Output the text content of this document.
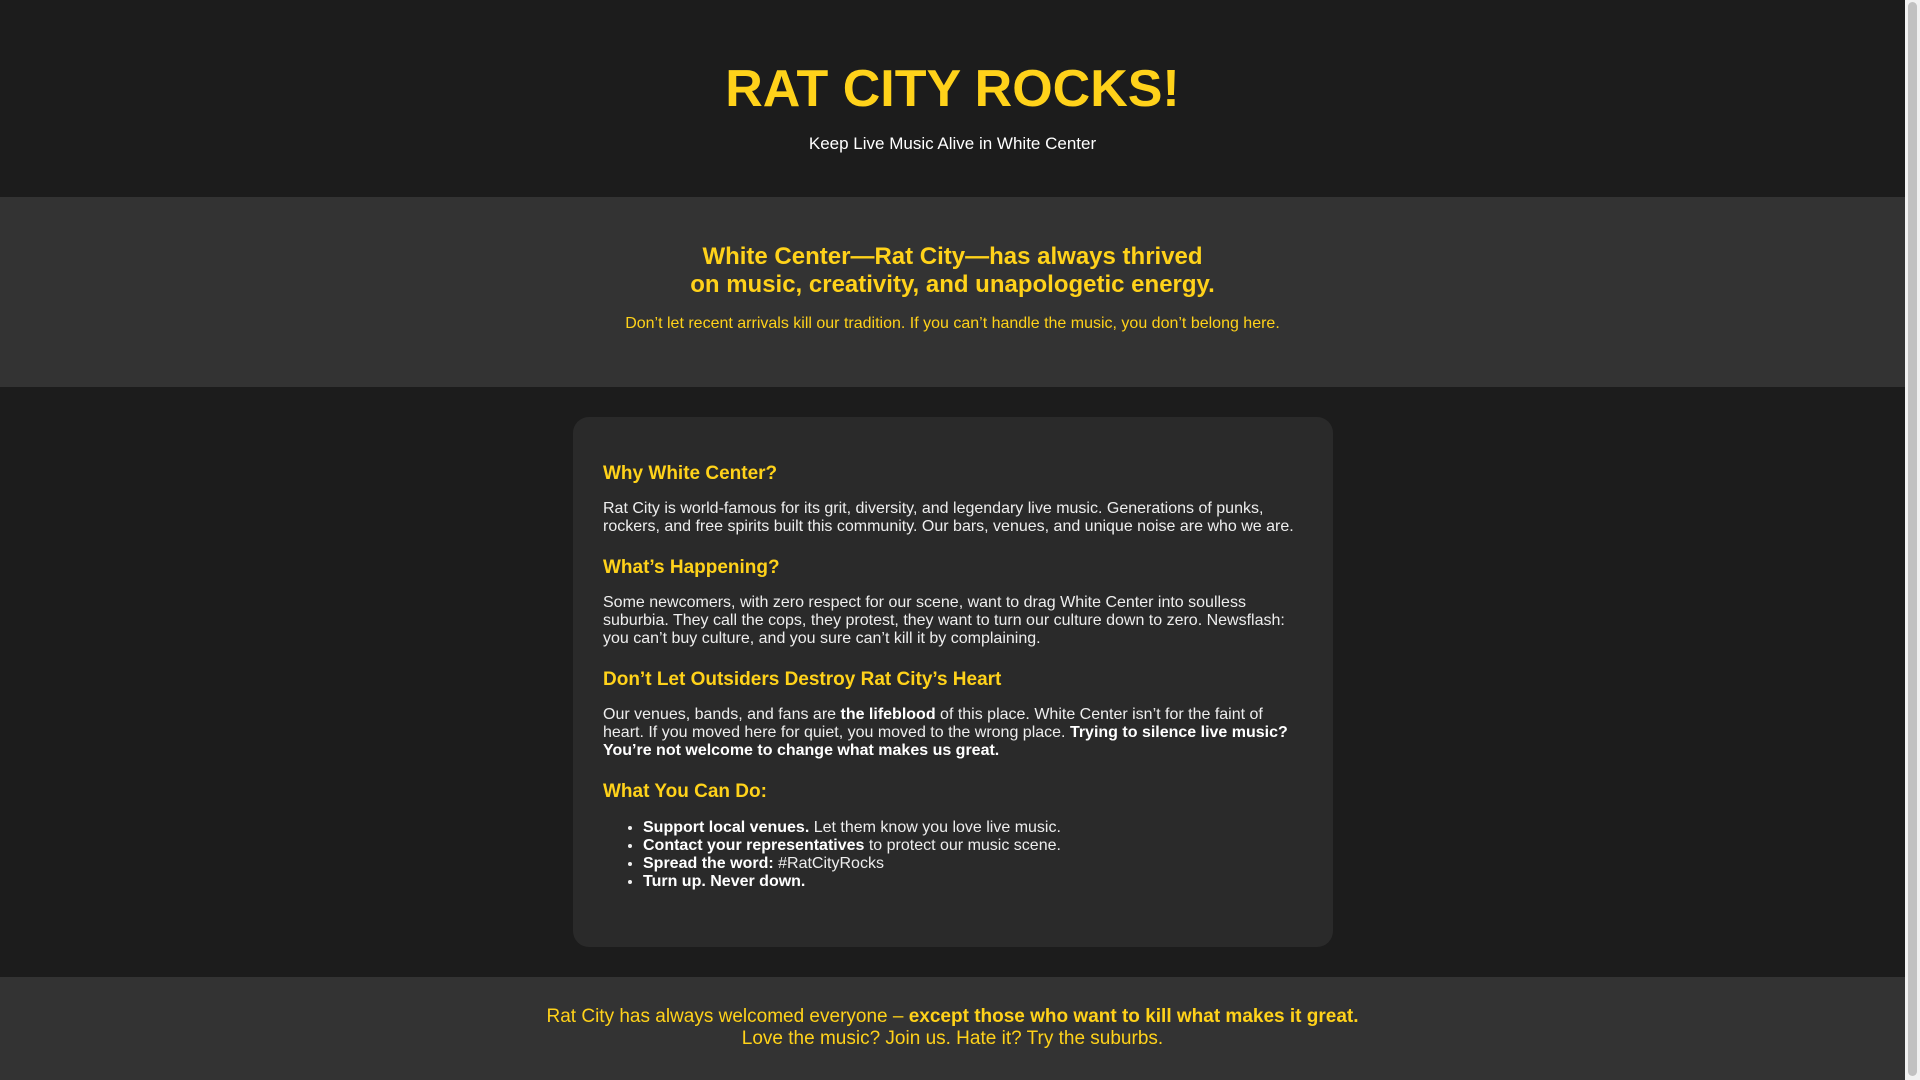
RAT CITY ROCKS!

Keep Live Music Alive in White Center

White Center—Rat City—has always thrived
on music, creativity, and unapologetic energy.

Don’t let recent arrivals kill our tradition. If you can’t handle the music, you don’t belong here.

Why White Center?

Rat City is world-famous for its grit, diversity, and legendary live music. Generations of punks, rockers, and free spirits built this community. Our bars, venues, and unique noise are who we are.

What’s Happening?

Some newcomers, with zero respect for our scene, want to drag White Center into soulless suburbia. They call the cops, they protest, they want to turn our culture down to zero. Newsflash: you can’t buy culture, and you sure can’t kill it by complaining.

Don’t Let Outsiders Destroy Rat City’s Heart

Our venues, bands, and fans are the lifeblood of this place. White Center isn’t for the faint of heart. If you moved here for quiet, you moved to the wrong place. Trying to silence live music? You’re not welcome to change what makes us great.

What You Can Do:
• Support local venues. Let them know you love live music.
• Contact your representatives to protect our music scene.
• Spread the word: #RatCityRocks
• Turn up. Never down.

Rat City has always welcomed everyone – except those who want to kill what makes it great.

Love the music? Join us. Hate it? Try the suburbs.
